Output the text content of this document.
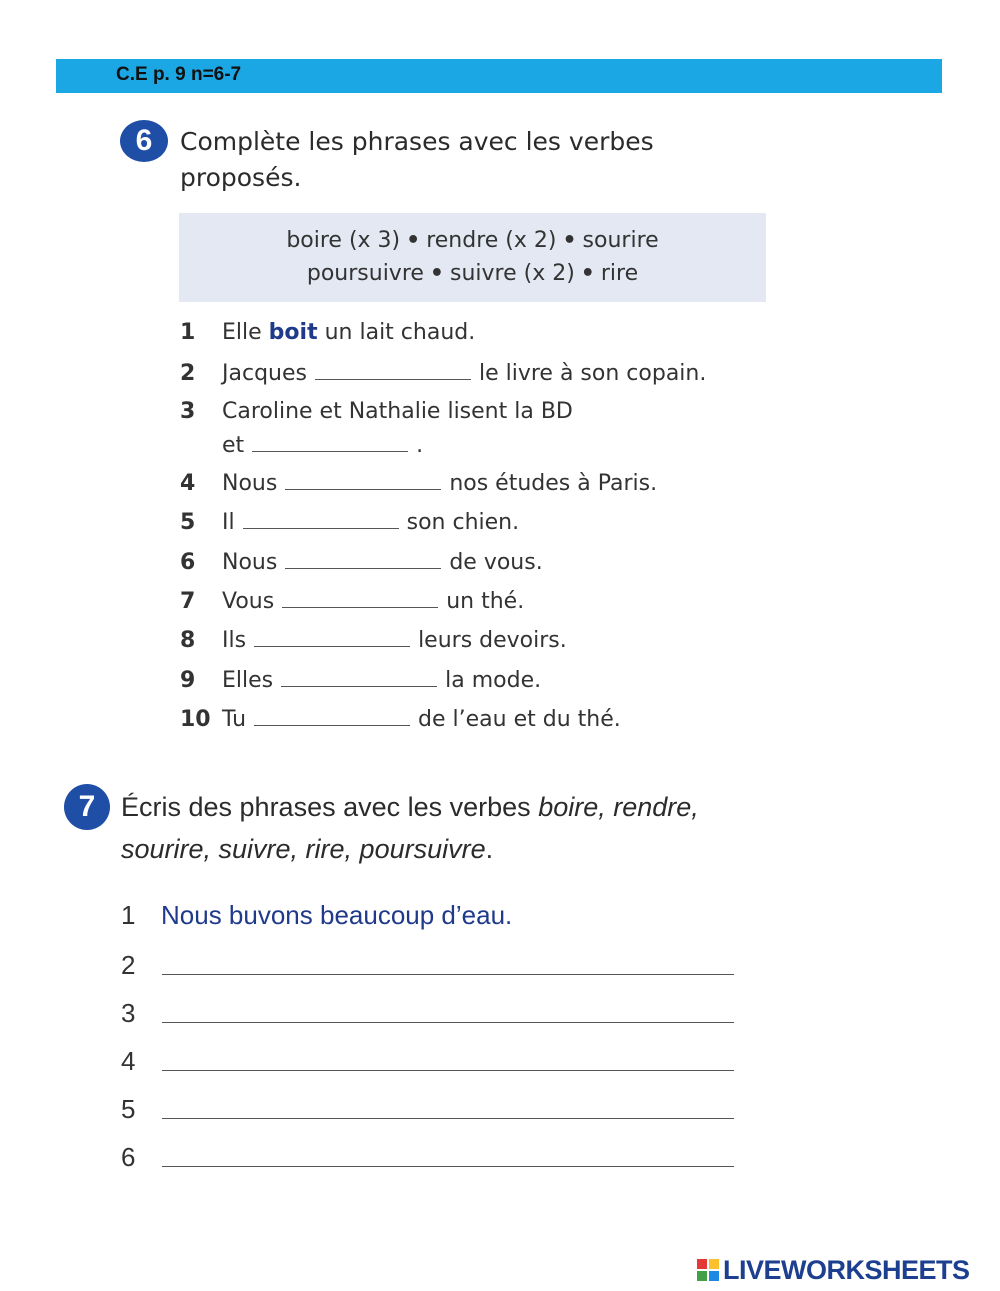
C.E p. 9 n=6-7
6	Complète les phrases avec les verbes proposés.
boire (x 3) • rendre (x 2) • sourire
poursuivre • suivre (x 2) • rire
1 Elle boit un lait chaud.
2 Jacques	le livre à son copain.
3 Caroline et Nathalie lisent la BD
et	.
4 Nous	nos études à Paris.
5 Il	son chien.
6 Nous	de vous.
7 Vous	un thé.
8 Ils	leurs devoirs.
9 Elles	la mode.
10 Tu	de l’eau et du thé.
7 Écris des phrases avec les verbes boire, rendre, sourire, suivre, rire, poursuivre.
1 Nous buvons beaucoup d’eau.
2
3
4
5
6
LIVEWORKSHEETS
